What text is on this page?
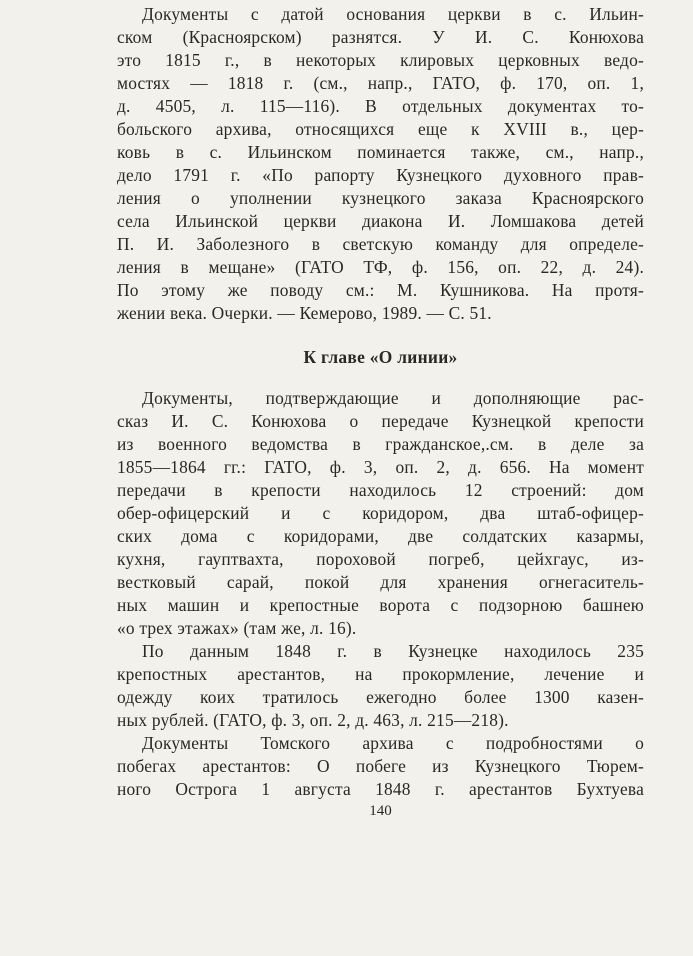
Документы с датой основания церкви в с. Ильин-
ском (Красноярском) разнятся. У И. С. Конюхова
это 1815 г., в некоторых клировых церковных ведо-
мостях — 1818 г. (см., напр., ГАТО, ф. 170, оп. 1,
д. 4505, л. 115—116). В отдельных документах то-
больского архива, относящихся еще к XVIII в., цер-
ковь в с. Ильинском поминается также, см., напр.,
дело 1791 г. «По рапорту Кузнецкого духовного прав-
ления о уполнении кузнецкого заказа Красноярского
села Ильинской церкви диакона И. Ломшакова детей
П. И. Заболезного в светскую команду для определе-
ления в мещане» (ГАТО ТФ, ф. 156, оп. 22, д. 24).
По этому же поводу см.: М. Кушникова. На протя-
жении века. Очерки. — Кемерово, 1989. — С. 51.
К главе «О линии»
Документы, подтверждающие и дополняющие рас-
сказ И. С. Конюхова о передаче Кузнецкой крепости
из военного ведомства в гражданское,.см. в деле за
1855—1864 гг.: ГАТО, ф. 3, оп. 2, д. 656. На момент
передачи в крепости находилось 12 строений: дом
обер-офицерский и с коридором, два штаб-офицер-
ских дома с коридорами, две солдатских казармы,
кухня, гауптвахта, пороховой погреб, цейхгаус, из-
вестковый сарай, покой для хранения огнегаситель-
ных машин и крепостные ворота с подзорною башнею
«о трех этажах» (там же, л. 16).
По данным 1848 г. в Кузнецке находилось 235
крепостных арестантов, на прокормление, лечение и
одежду коих тратилось ежегодно более 1300 казен-
ных рублей. (ГАТО, ф. 3, оп. 2, д. 463, л. 215—218).
Документы Томского архива с подробностями о
побегах арестантов: О побеге из Кузнецкого Тюрем-
ного Острога 1 августа 1848 г. арестантов Бухтуева
140
